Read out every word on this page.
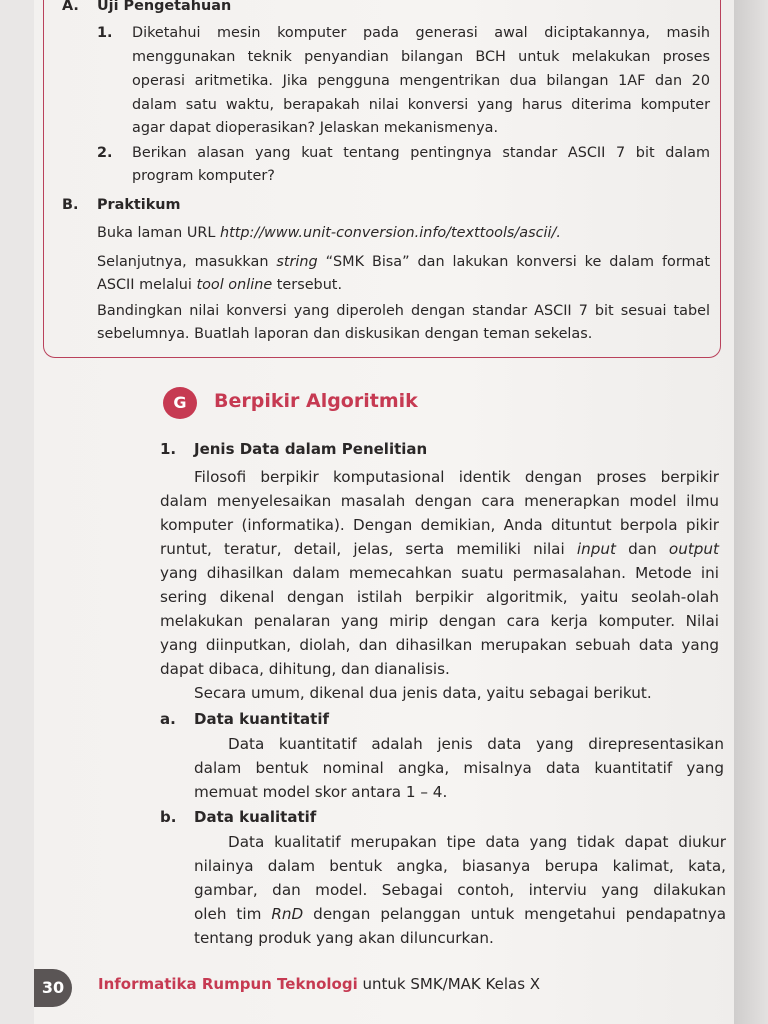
A. Uji Pengetahuan
1. Diketahui mesin komputer pada generasi awal diciptakannya, masih
menggunakan teknik penyandian bilangan BCH untuk melakukan proses
operasi aritmetika. Jika pengguna mengentrikan dua bilangan 1AF dan 20
dalam satu waktu, berapakah nilai konversi yang harus diterima komputer
agar dapat dioperasikan? Jelaskan mekanismenya.
2. Berikan alasan yang kuat tentang pentingnya standar ASCII 7 bit dalam
program komputer?
B. Praktikum
Buka laman URL http://www.unit-conversion.info/texttools/ascii/.
Selanjutnya, masukkan string “SMK Bisa” dan lakukan konversi ke dalam format
ASCII melalui tool online tersebut.
Bandingkan nilai konversi yang diperoleh dengan standar ASCII 7 bit sesuai tabel
sebelumnya. Buatlah laporan dan diskusikan dengan teman sekelas.
G	Berpikir Algoritmik
1. Jenis Data dalam Penelitian
Filosofi berpikir komputasional identik dengan proses berpikir
dalam menyelesaikan masalah dengan cara menerapkan model ilmu
komputer (informatika). Dengan demikian, Anda dituntut berpola pikir
runtut, teratur, detail, jelas, serta memiliki nilai input dan output
yang dihasilkan dalam memecahkan suatu permasalahan. Metode ini
sering dikenal dengan istilah berpikir algoritmik, yaitu seolah-olah
melakukan penalaran yang mirip dengan cara kerja komputer. Nilai
yang diinputkan, diolah, dan dihasilkan merupakan sebuah data yang
dapat dibaca, dihitung, dan dianalisis.
Secara umum, dikenal dua jenis data, yaitu sebagai berikut.
a. Data kuantitatif
Data kuantitatif adalah jenis data yang direpresentasikan
dalam bentuk nominal angka, misalnya data kuantitatif yang
memuat model skor antara 1 – 4.
b. Data kualitatif
Data kualitatif merupakan tipe data yang tidak dapat diukur
nilainya dalam bentuk angka, biasanya berupa kalimat, kata,
gambar, dan model. Sebagai contoh, interviu yang dilakukan
oleh tim RnD dengan pelanggan untuk mengetahui pendapatnya
tentang produk yang akan diluncurkan.
30	Informatika Rumpun Teknologi untuk SMK/MAK Kelas X
